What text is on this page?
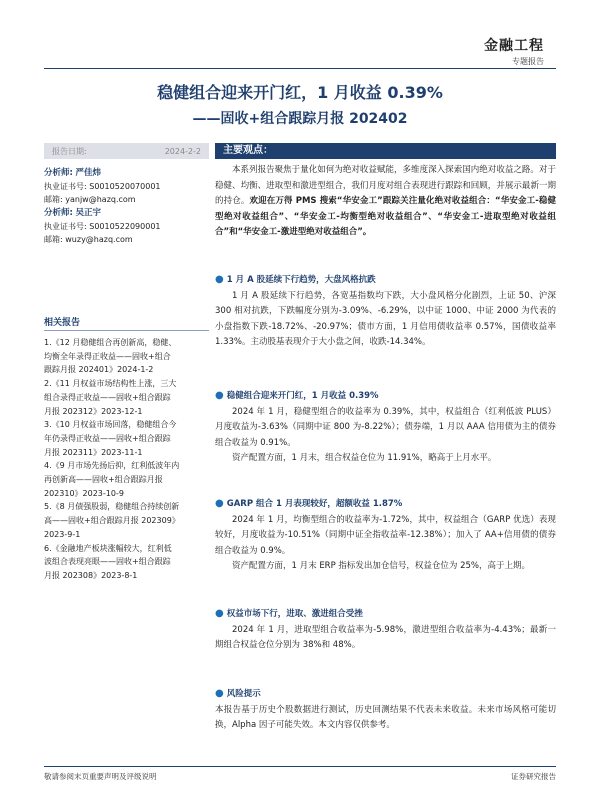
金融工程
专题报告
稳健组合迎来开门红，1 月收益 0.39%
——固收+组合跟踪月报 202402
报告日期:	2024-2-2
分析师: 严佳炜
执业证书号: S0010520070001
邮箱: yanjw@hazq.com
分析师: 吴正宇
执业证书号: S0010522090001
邮箱: wuzy@hazq.com
相关报告
1.《12 月稳健组合再创新高，稳健、
均衡全年录得正收益——固收+组合
跟踪月报 202401》2024-1-2
2.《11 月权益市场结构性上涨，三大
组合录得正收益——固收+组合跟踪
月报 202312》2023-12-1
3.《10 月权益市场回落，稳健组合今
年仍录得正收益——固收+组合跟踪
月报 202311》2023-11-1
4.《9 月市场先扬后抑，红利低波年内
再创新高——固收+组合跟踪月报
202310》2023-10-9
5.《8 月债强股弱，稳健组合持续创新
高——固收+组合跟踪月报 202309》
2023-9-1
6.《金融地产板块涨幅较大，红利低
波组合表现亮眼——固收+组合跟踪
月报 202308》2023-8-1
主要观点：
本系列报告聚焦于量化如何为绝对收益赋能，多维度深入探索国内绝对收益之路。对于稳健、均衡、进取型和激进型组合，我们月度对组合表现进行跟踪和回顾，并展示最新一期的持仓。欢迎在万得 PMS 搜索“华安金工”跟踪关注量化绝对收益组合：“华安金工-稳健型绝对收益组合”、“华安金工-均衡型绝对收益组合”、“华安金工-进取型绝对收益组合”和“华安金工-激进型绝对收益组合”。
● 1 月 A 股延续下行趋势，大盘风格抗跌
1 月 A 股延续下行趋势，各宽基指数均下跌，大小盘风格分化剧烈，上证 50、沪深 300 相对抗跌，下跌幅度分别为-3.09%、-6.29%，以中证 1000、中证 2000 为代表的小盘指数下跌-18.72%、-20.97%；债市方面，1 月信用债收益率 0.57%，国债收益率 1.33%。主动股基表现介于大小盘之间，收跌-14.34%。
● 稳健组合迎来开门红，1 月收益 0.39%
2024 年 1 月，稳健型组合的收益率为 0.39%，其中，权益组合（红利低波 PLUS）月度收益为-3.63%（同期中证 800 为-8.22%）；债券端，1 月以 AAA 信用债为主的债券组合收益为 0.91%。
资产配置方面，1 月末，组合权益仓位为 11.91%，略高于上月水平。
● GARP 组合 1 月表现较好，超额收益 1.87%
2024 年 1 月，均衡型组合的收益率为-1.72%，其中，权益组合（GARP 优选）表现较好，月度收益为-10.51%（同期中证全指收益率-12.38%）；加入了 AA+信用债的债券组合收益为 0.9%。
资产配置方面，1 月末 ERP 指标发出加仓信号，权益仓位为 25%，高于上期。
● 权益市场下行，进取、激进组合受挫
2024 年 1 月，进取型组合收益率为-5.98%，激进型组合收益率为-4.43%；最新一期组合权益仓位分别为 38%和 48%。
● 风险提示
本报告基于历史个股数据进行测试，历史回测结果不代表未来收益。未来市场风格可能切换，Alpha 因子可能失效。本文内容仅供参考。
敬请参阅末页重要声明及评级说明	证券研究报告
